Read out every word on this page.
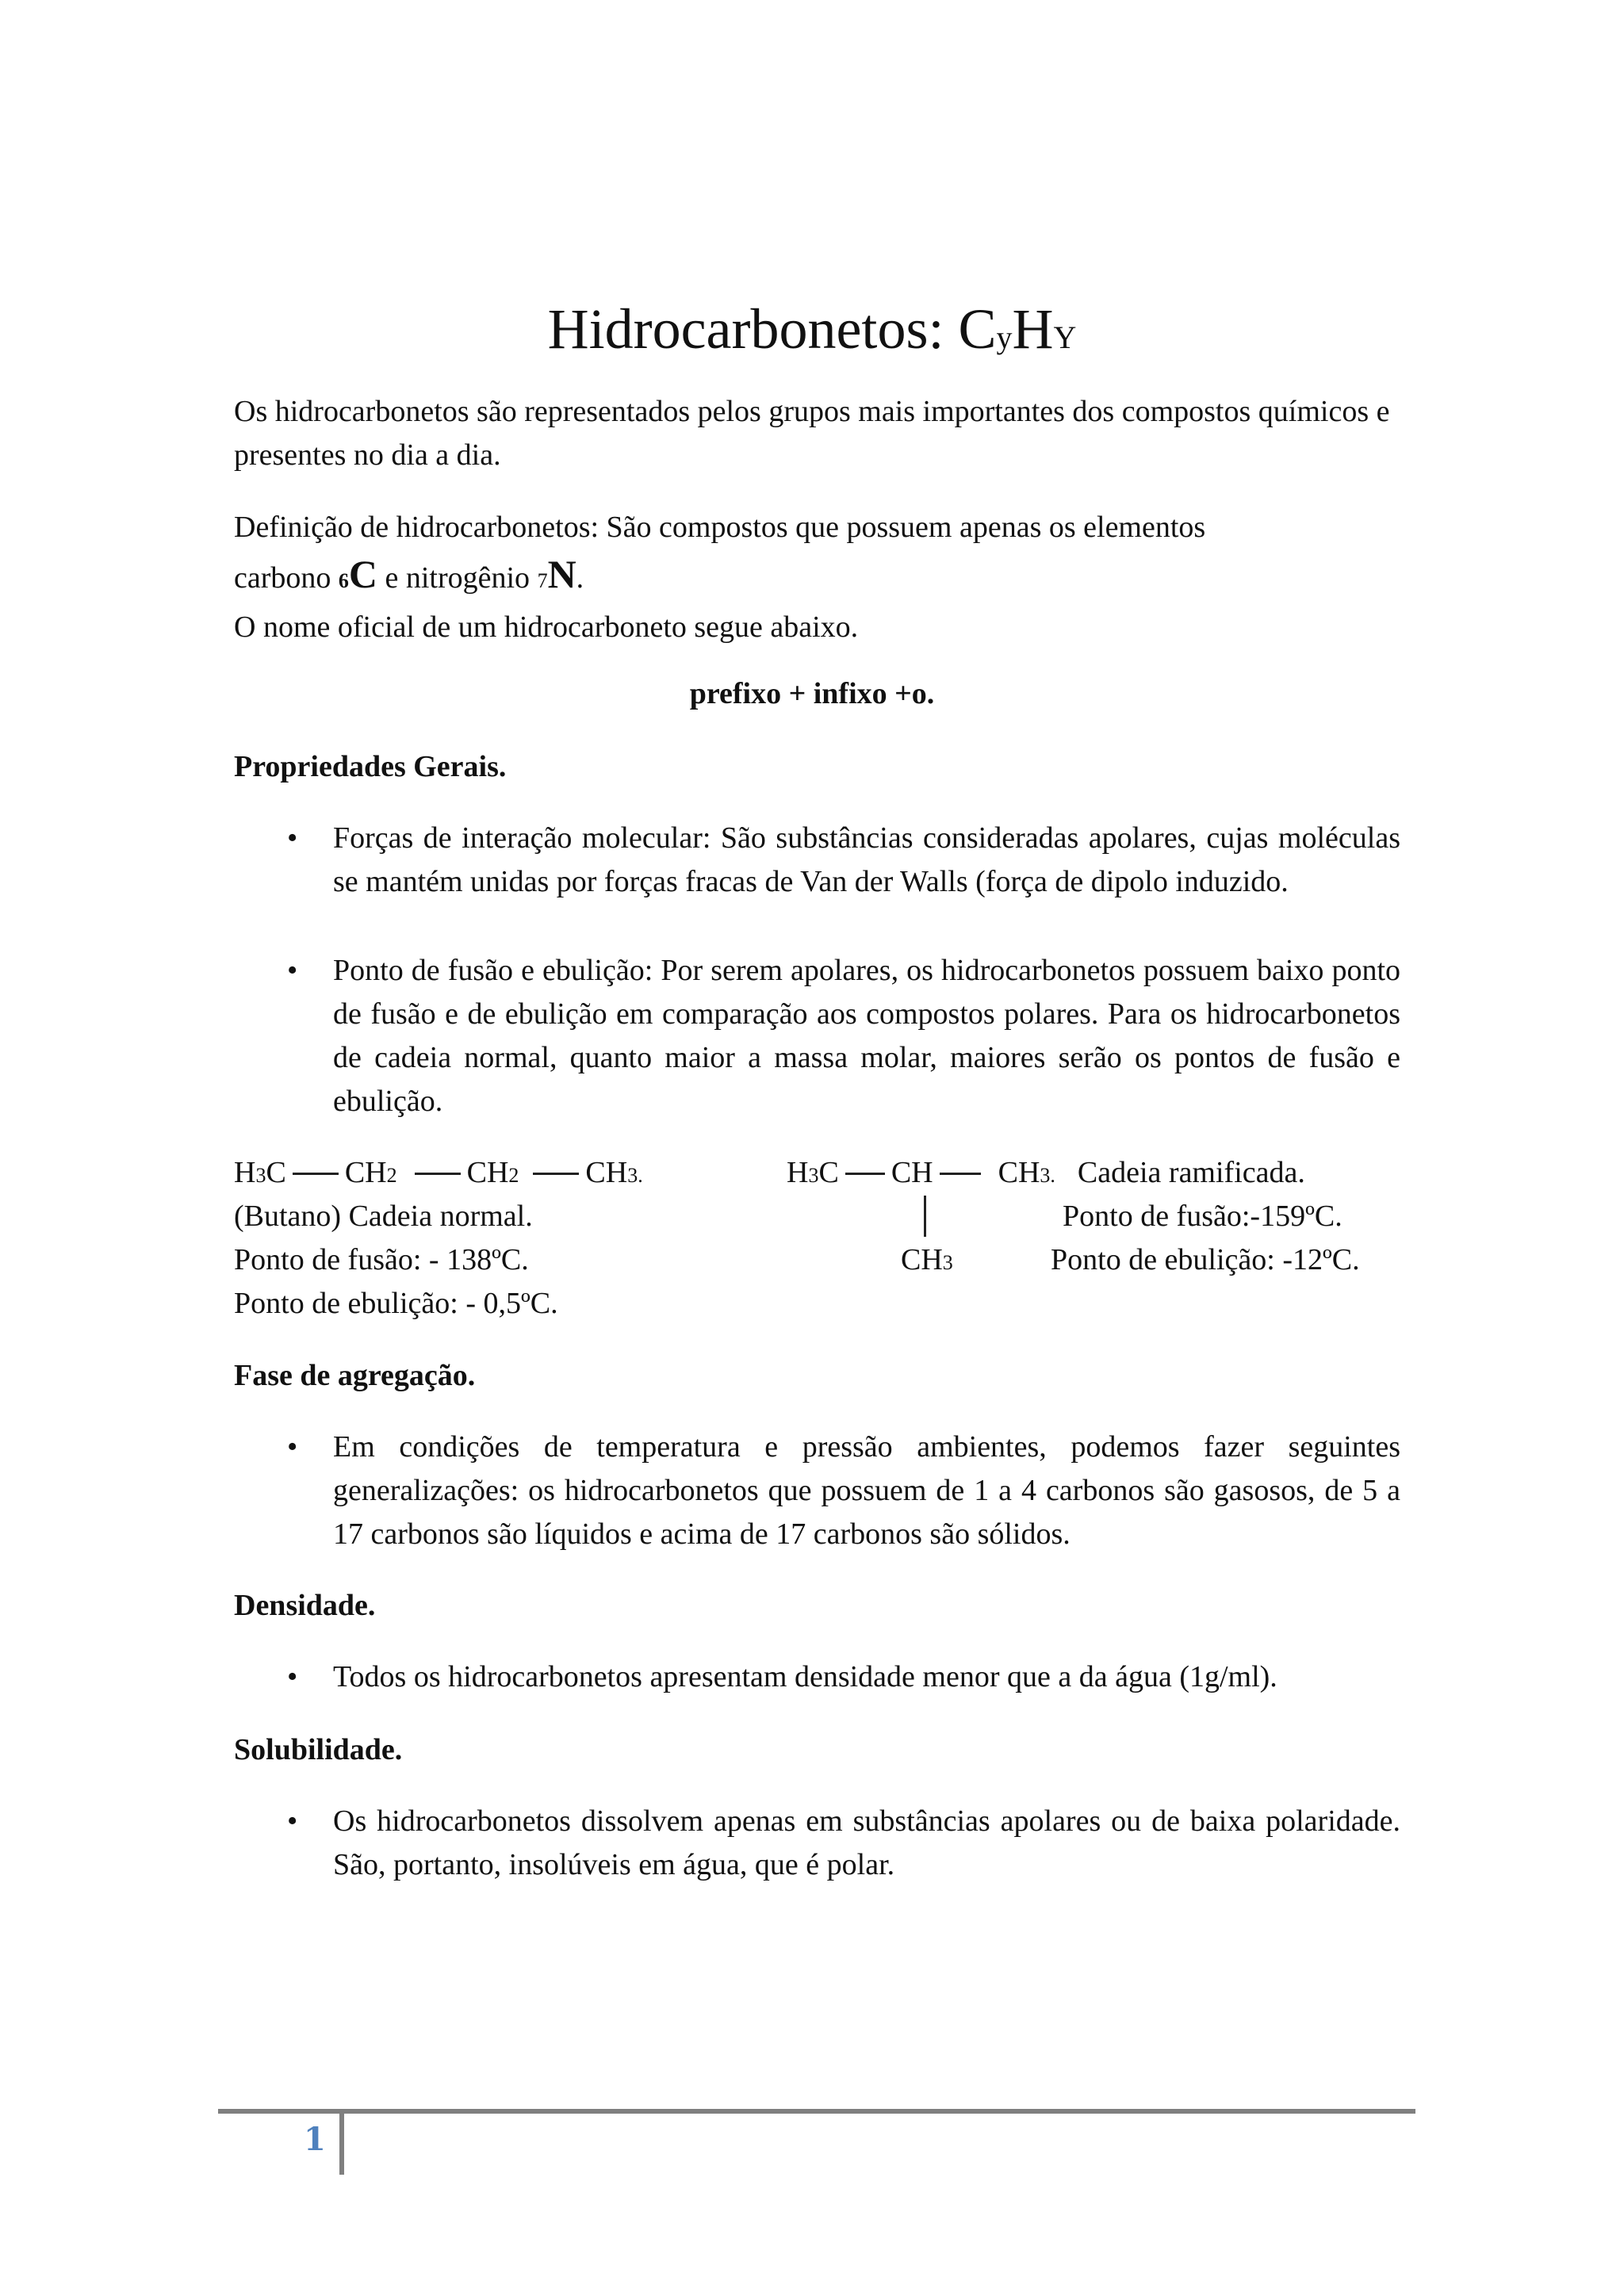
Hidrocarbonetos: CyHY
Os hidrocarbonetos são representados pelos grupos mais importantes dos compostos químicos e presentes no dia a dia.
Definição de hidrocarbonetos: São compostos que possuem apenas os elementos
carbono 6C e nitrogênio 7N.
O nome oficial de um hidrocarboneto segue abaixo.
prefixo + infixo +o.
Propriedades Gerais.
• Forças de interação molecular: São substâncias consideradas apolares, cujas moléculas se mantém unidas por forças fracas de Van der Walls (força de dipolo induzido.
• Ponto de fusão e ebulição: Por serem apolares, os hidrocarbonetos possuem baixo ponto de fusão e de ebulição em comparação aos compostos polares. Para os hidrocarbonetos de cadeia normal, quanto maior a massa molar, maiores serão os pontos de fusão e ebulição.
H3C CH2 CH2 CH3.
(Butano) Cadeia normal.
Ponto de fusão: - 138ºC.
Ponto de ebulição: - 0,5ºC.
H3C CH CH3. Cadeia ramificada.
Ponto de fusão:-159ºC.
CH3	Ponto de ebulição: -12ºC.
Fase de agregação.
• Em condições de temperatura e pressão ambientes, podemos fazer seguintes generalizações: os hidrocarbonetos que possuem de 1 a 4 carbonos são gasosos, de 5 a 17 carbonos são líquidos e acima de 17 carbonos são sólidos.
Densidade.
• Todos os hidrocarbonetos apresentam densidade menor que a da água (1g/ml).
Solubilidade.
• Os hidrocarbonetos dissolvem apenas em substâncias apolares ou de baixa polaridade. São, portanto, insolúveis em água, que é polar.
1
